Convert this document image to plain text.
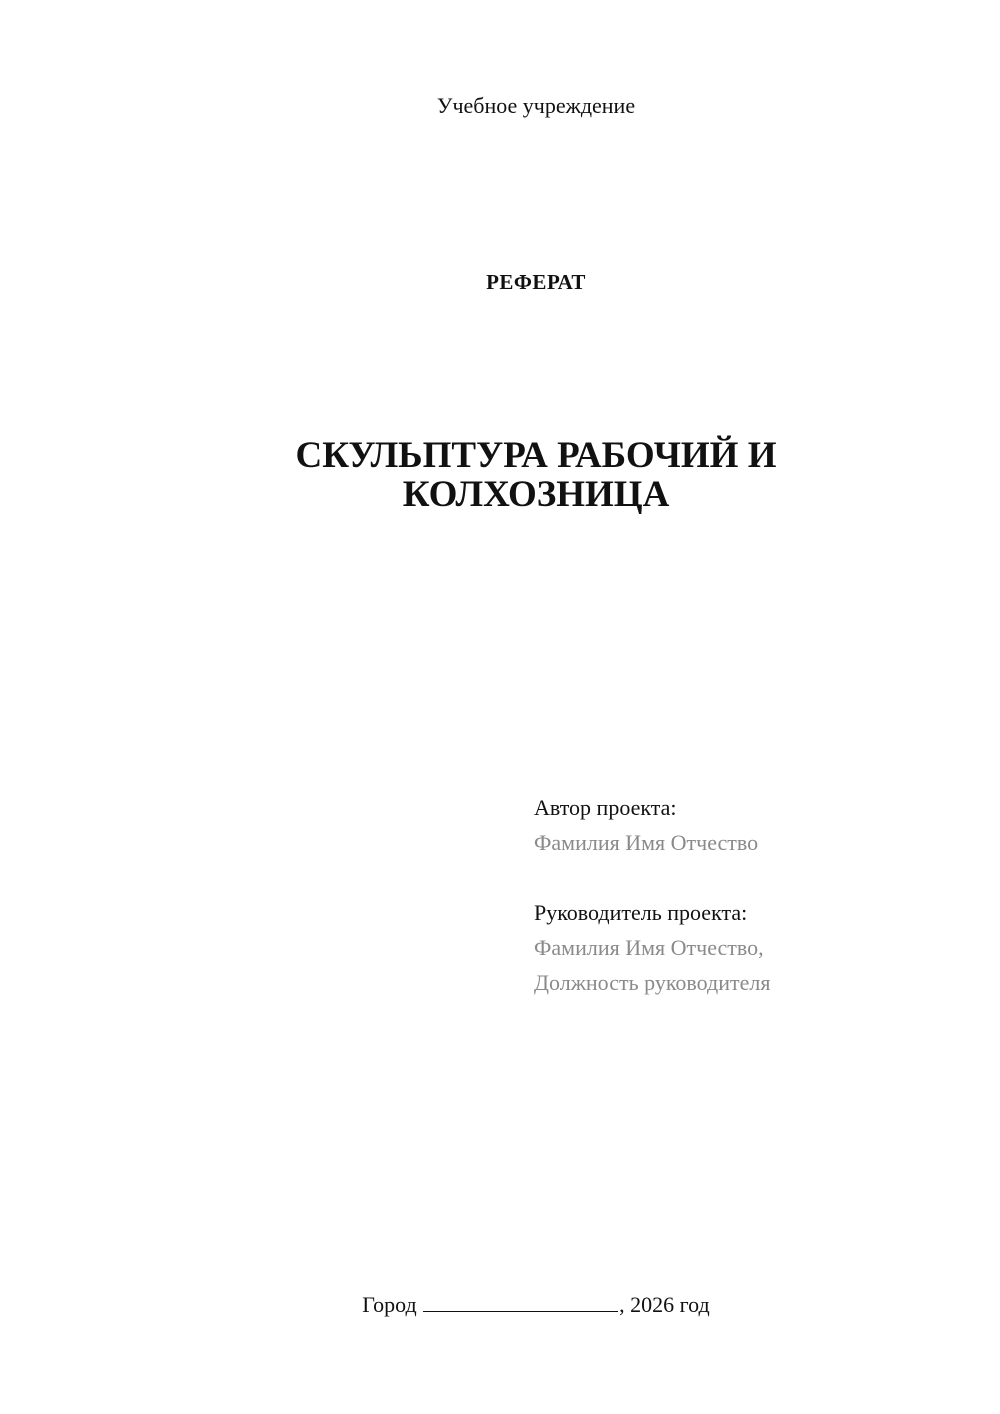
Учебное учреждение
РЕФЕРАТ
СКУЛЬПТУРА РАБОЧИЙ И
КОЛХОЗНИЦА
Автор проекта:
Фамилия Имя Отчество
Руководитель проекта:
Фамилия Имя Отчество,
Должность руководителя
Город	, 2026 год
